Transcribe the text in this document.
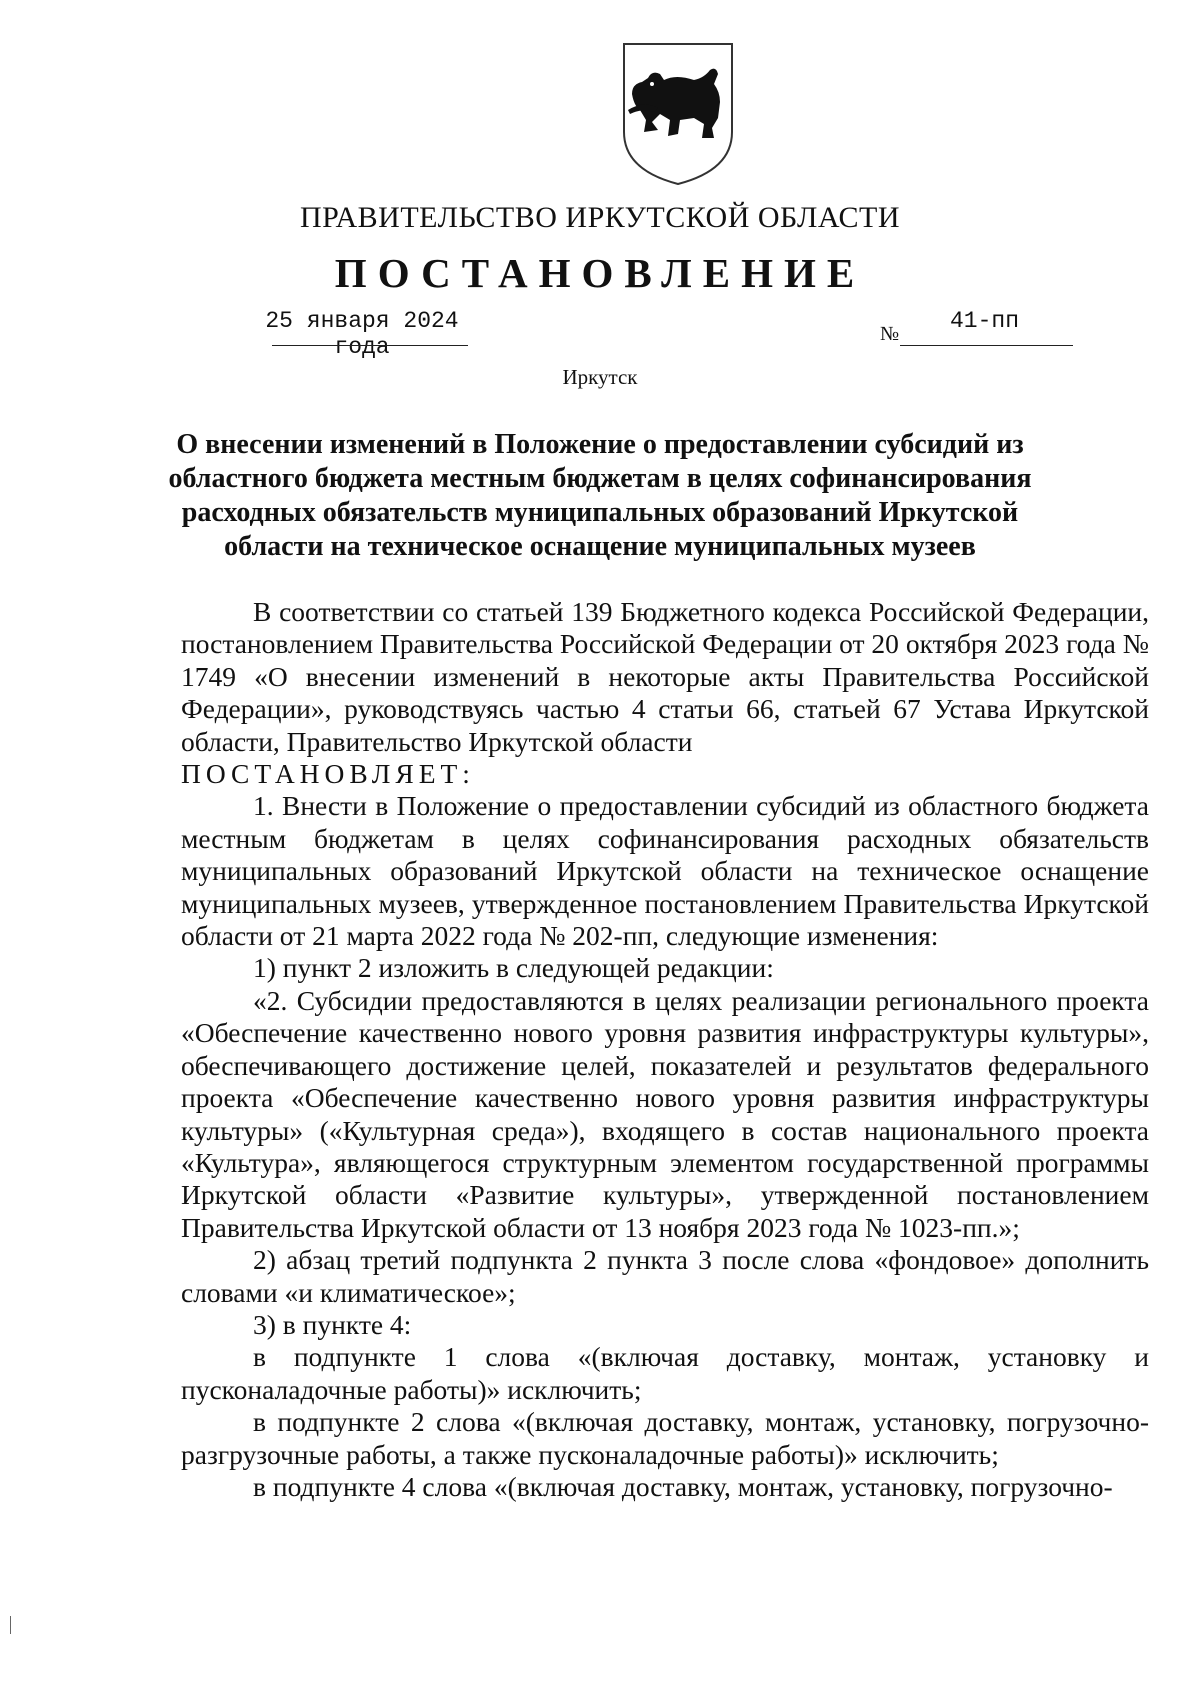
ПРАВИТЕЛЬСТВО ИРКУТСКОЙ ОБЛАСТИ
ПОСТАНОВЛЕНИЕ
25 января 2024 года	№	41-пп
Иркутск
О внесении изменений в Положение о предоставлении субсидий из областного бюджета местным бюджетам в целях софинансирования расходных обязательств муниципальных образований Иркутской области на техническое оснащение муниципальных музеев

В соответствии со статьей 139 Бюджетного кодекса Российской Федерации, постановлением Правительства Российской Федерации от 20 октября 2023 года № 1749 «О внесении изменений в некоторые акты Правительства Российской Федерации», руководствуясь частью 4 статьи 66, статьей 67 Устава Иркутской области, Правительство Иркутской области

ПОСТАНОВЛЯЕТ:

1. Внести в Положение о предоставлении субсидий из областного бюджета местным бюджетам в целях софинансирования расходных обязательств муниципальных образований Иркутской области на техническое оснащение муниципальных музеев, утвержденное постановлением Правительства Иркутской области от 21 марта 2022 года № 202-пп, следующие изменения:

1) пункт 2 изложить в следующей редакции:

«2. Субсидии предоставляются в целях реализации регионального проекта «Обеспечение качественно нового уровня развития инфраструктуры культуры», обеспечивающего достижение целей, показателей и результатов федерального проекта «Обеспечение качественно нового уровня развития инфраструктуры культуры» («Культурная среда»), входящего в состав национального проекта «Культура», являющегося структурным элементом государственной программы Иркутской области «Развитие культуры», утвержденной постановлением Правительства Иркутской области от 13 ноября 2023 года № 1023-пп.»;

2) абзац третий подпункта 2 пункта 3 после слова «фондовое» дополнить словами «и климатическое»;

3) в пункте 4:

в подпункте 1 слова «(включая доставку, монтаж, установку и пусконаладочные работы)» исключить;

в подпункте 2 слова «(включая доставку, монтаж, установку, погрузочно-разгрузочные работы, а также пусконаладочные работы)» исключить;

в подпункте 4 слова «(включая доставку, монтаж, установку, погрузочно-
